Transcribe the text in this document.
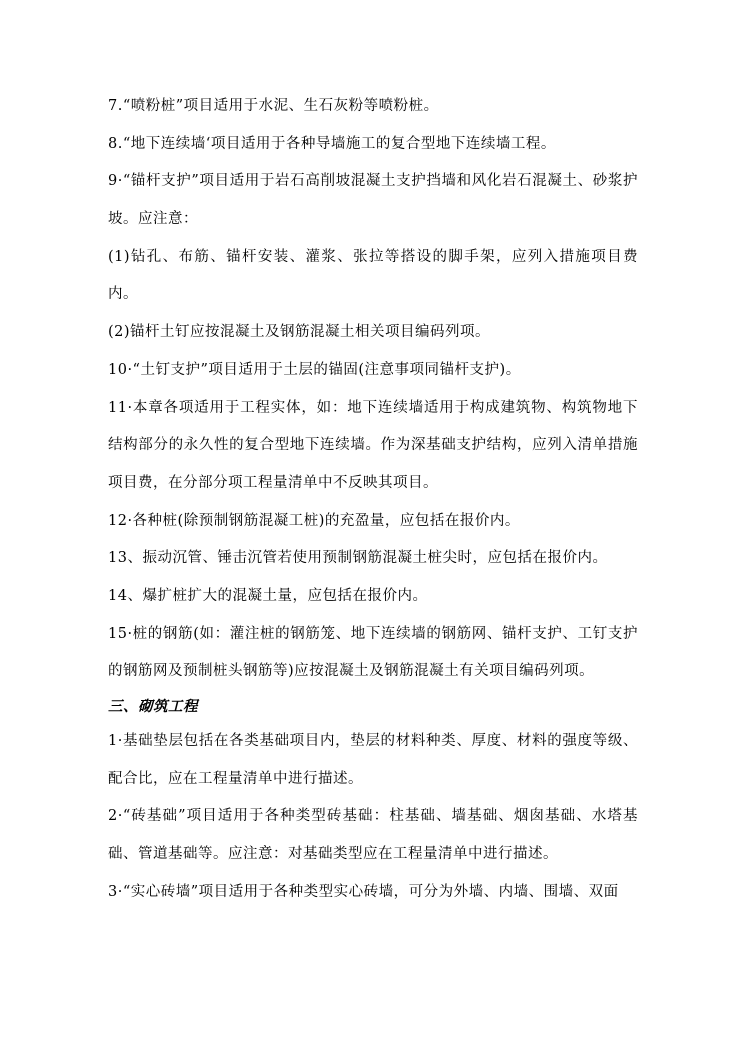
7.“喷粉桩”项目适用于水泥、生石灰粉等喷粉桩。

8.“地下连续墙‘项目适用于各种导墙施工的复合型地下连续墙工程。

9·“锚杆支护”项目适用于岩石高削坡混凝土支护挡墙和风化岩石混凝土、砂浆护坡。应注意：

(1)钻孔、布筋、锚杆安装、灌浆、张拉等搭设的脚手架，应列入措施项目费内。

(2)锚杆土钉应按混凝土及钢筋混凝土相关项目编码列项。

10·“土钉支护”项目适用于土层的锚固(注意事项同锚杆支护)。

11·本章各项适用于工程实体，如：地下连续墙适用于构成建筑物、构筑物地下结构部分的永久性的复合型地下连续墙。作为深基础支护结构，应列入清单措施项目费，在分部分项工程量清单中不反映其项目。

12·各种桩(除预制钢筋混凝工桩)的充盈量，应包括在报价内。

13、振动沉管、锤击沉管若使用预制钢筋混凝土桩尖时，应包括在报价内。

14、爆扩桩扩大的混凝土量，应包括在报价内。

15·桩的钢筋(如：灌注桩的钢筋笼、地下连续墙的钢筋网、锚杆支护、工钉支护的钢筋网及预制桩头钢筋等)应按混凝土及钢筋混凝土有关项目编码列项。

三、砌筑工程

1·基础垫层包括在各类基础项目内，垫层的材料种类、厚度、材料的强度等级、配合比，应在工程量清单中进行描述。

2·“砖基础”项目适用于各种类型砖基础：柱基础、墙基础、烟囱基础、水塔基础、管道基础等。应注意：对基础类型应在工程量清单中进行描述。

3·“实心砖墙”项目适用于各种类型实心砖墙，可分为外墙、内墙、围墙、双面
